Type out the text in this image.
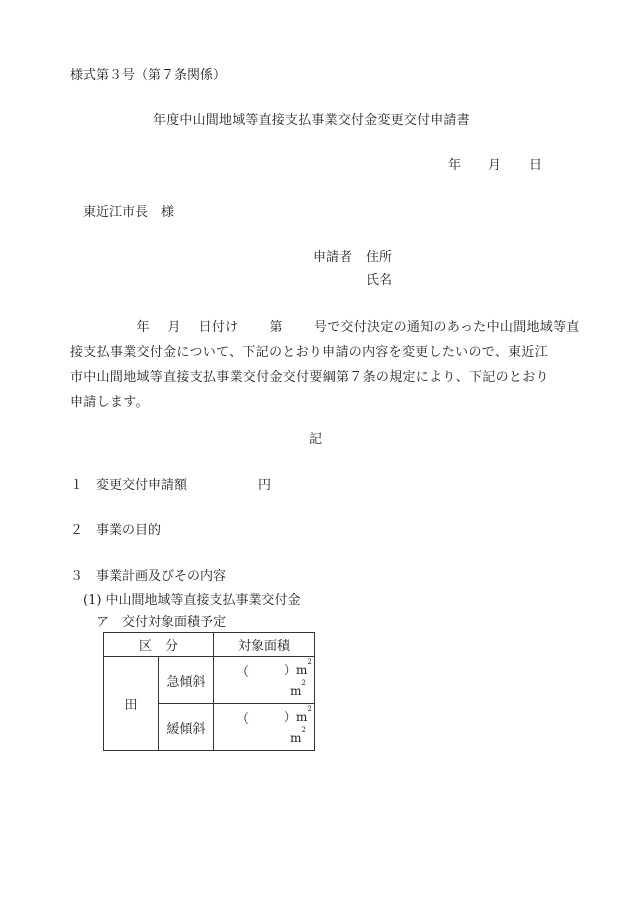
様式第３号（第７条関係）
年度中山間地域等直接支払事業交付金変更交付申請書
年 月 日
東近江市長　様
申請者 住所
氏名
　　　　　年　 月　 日付け　　 第　　 号で交付決定の通知のあった中山間地域等直
接支払事業交付金について、下記のとおり申請の内容を変更したいので、東近江
市中山間地域等直接支払事業交付金交付要綱第７条の規定により、下記のとおり
申請します。
記
１ 変更交付申請額	円
２ 事業の目的
３ 事業計画及びその内容
(1) 中山間地域等直接支払事業交付金
ア　交付対象面積予定
区　分		対象面積
田	急傾斜	（ ）$m^2$
$m^2$

	緩傾斜	（ ）$m^2$
$m^2$
